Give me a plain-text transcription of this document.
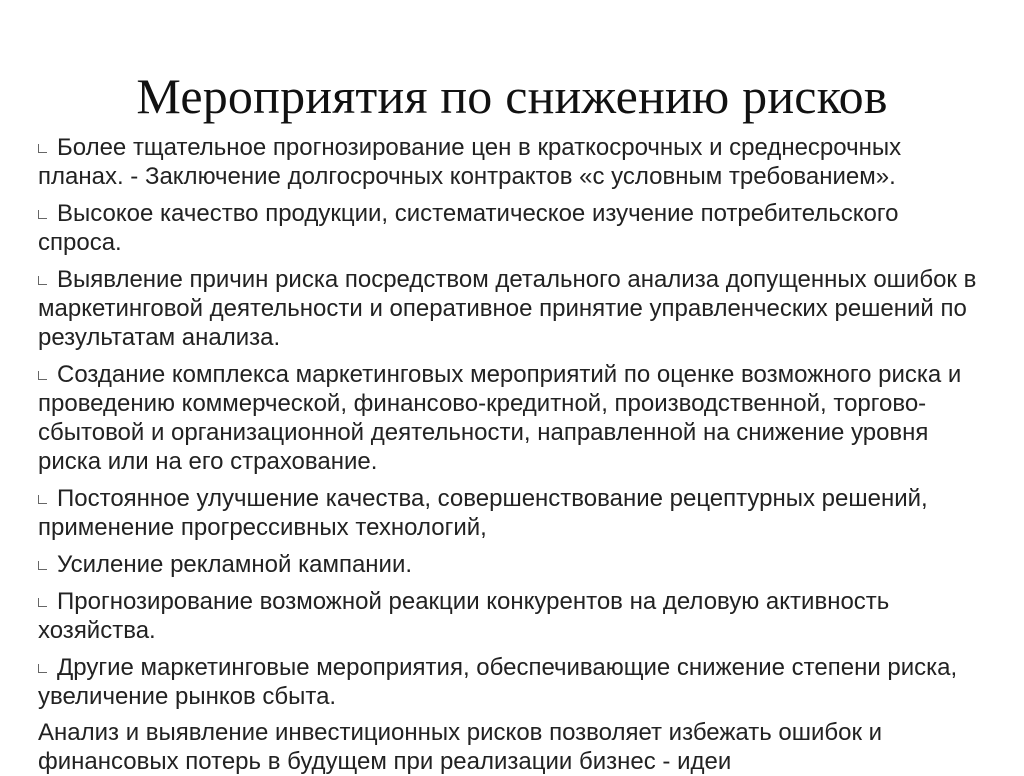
Мероприятия по снижению рисков
Более тщательное прогнозирование цен в краткосрочных и среднесрочных планах. - Заключение долгосрочных контрактов «с условным требованием».
Высокое качество продукции, систематическое изучение потребительского спроса.
Выявление причин риска посредством детального анализа допущенных ошибок в маркетинговой деятельности и оперативное принятие управленческих решений по результатам анализа.
Создание комплекса маркетинговых мероприятий по оценке возможного риска и проведению коммерческой, финансово-кредитной, производственной, торгово-сбытовой и организационной деятельности, направленной на снижение уровня риска или на его страхование.
Постоянное улучшение качества, совершенствование рецептурных решений, применение прогрессивных технологий,
Усиление рекламной кампании.
Прогнозирование возможной реакции конкурентов на деловую активность хозяйства.
Другие маркетинговые мероприятия, обеспечивающие снижение степени риска, увеличение рынков сбыта.
Анализ и выявление инвестиционных рисков позволяет избежать ошибок и финансовых потерь в будущем при реализации бизнес - идеи
